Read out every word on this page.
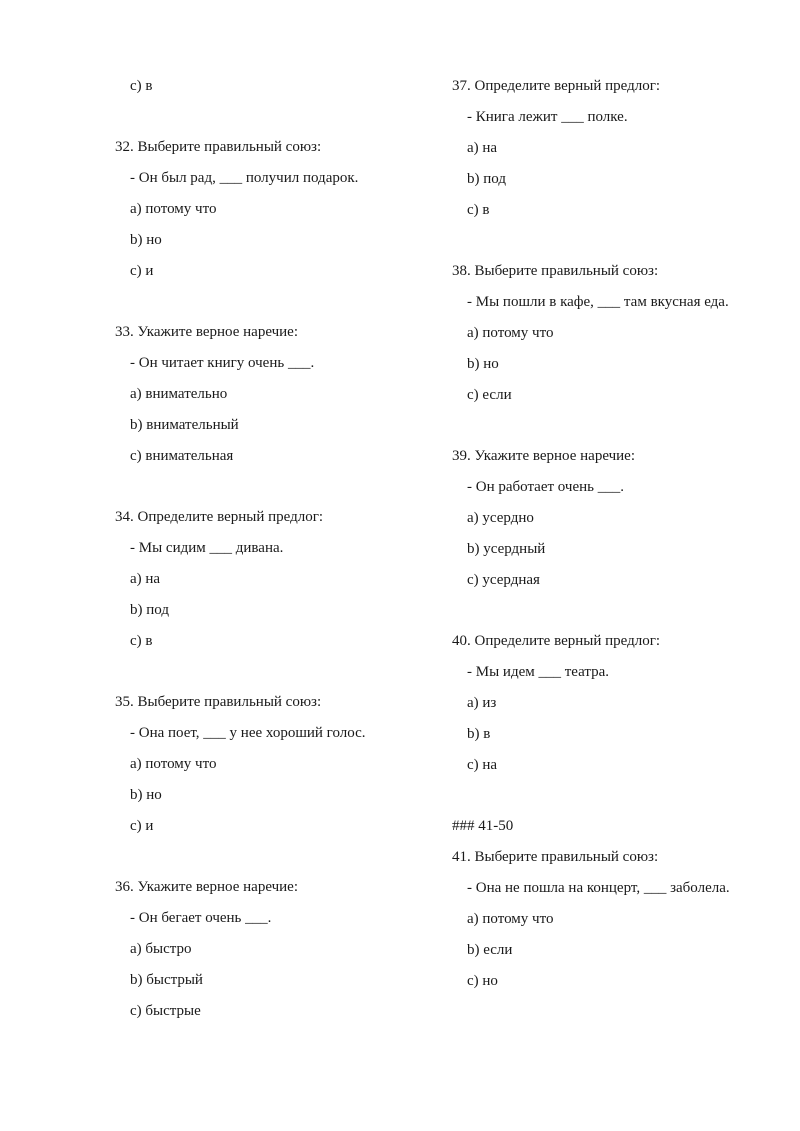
c) в
32. Выберите правильный союз:
- Он был рад, ___ получил подарок.
a) потому что
b) но
c) и
33. Укажите верное наречие:
- Он читает книгу очень ___.
a) внимательно
b) внимательный
c) внимательная
34. Определите верный предлог:
- Мы сидим ___ дивана.
a) на
b) под
c) в
35. Выберите правильный союз:
- Она поет, ___ у нее хороший голос.
a) потому что
b) но
c) и
36. Укажите верное наречие:
- Он бегает очень ___.
a) быстро
b) быстрый
c) быстрые
37. Определите верный предлог:
- Книга лежит ___ полке.
a) на
b) под
c) в
38. Выберите правильный союз:
- Мы пошли в кафе, ___ там вкусная еда.
a) потому что
b) но
c) если
39. Укажите верное наречие:
- Он работает очень ___.
a) усердно
b) усердный
c) усердная
40. Определите верный предлог:
- Мы идем ___ театра.
a) из
b) в
c) на
### 41-50
41. Выберите правильный союз:
- Она не пошла на концерт, ___ заболела.
a) потому что
b) если
c) но
